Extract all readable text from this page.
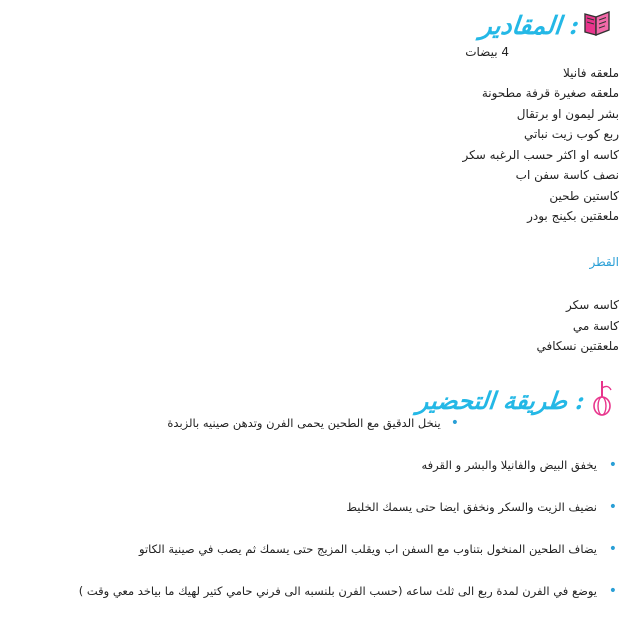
المقادير :
4 بيضات
ملعقه فانيلا
ملعقه صغيرة قرفة مطحونة
بشر ليمون او برتقال
ربع كوب زيت نباتي
كاسه او اكثر حسب الرغبه سكر
نصف كاسة سفن اب
كاستين طحين
ملعقتين بكينج بودر
القطر
كاسه سكر
كاسة مي
ملعقتين نسكافي
طريقة التحضير :
•ينخل الدقيق مع الطحين يحمى الفرن وتدهن صينيه بالزبدة
•
يخفق البيض والفانيلا والبشر و القرفه
•
نضيف الزيت والسكر ونخفق ايضا حتى يسمك الخليط
•
يضاف الطحين المنخول بتناوب مع السفن اب ويقلب المزيج حتى يسمك ثم يصب في صينية الكاتو
•
يوضع في الفرن لمدة ربع الى ثلث ساعه (حسب الفرن بلنسبه الى فرني حامي كتير لهيك ما بياخد معي وقت )
